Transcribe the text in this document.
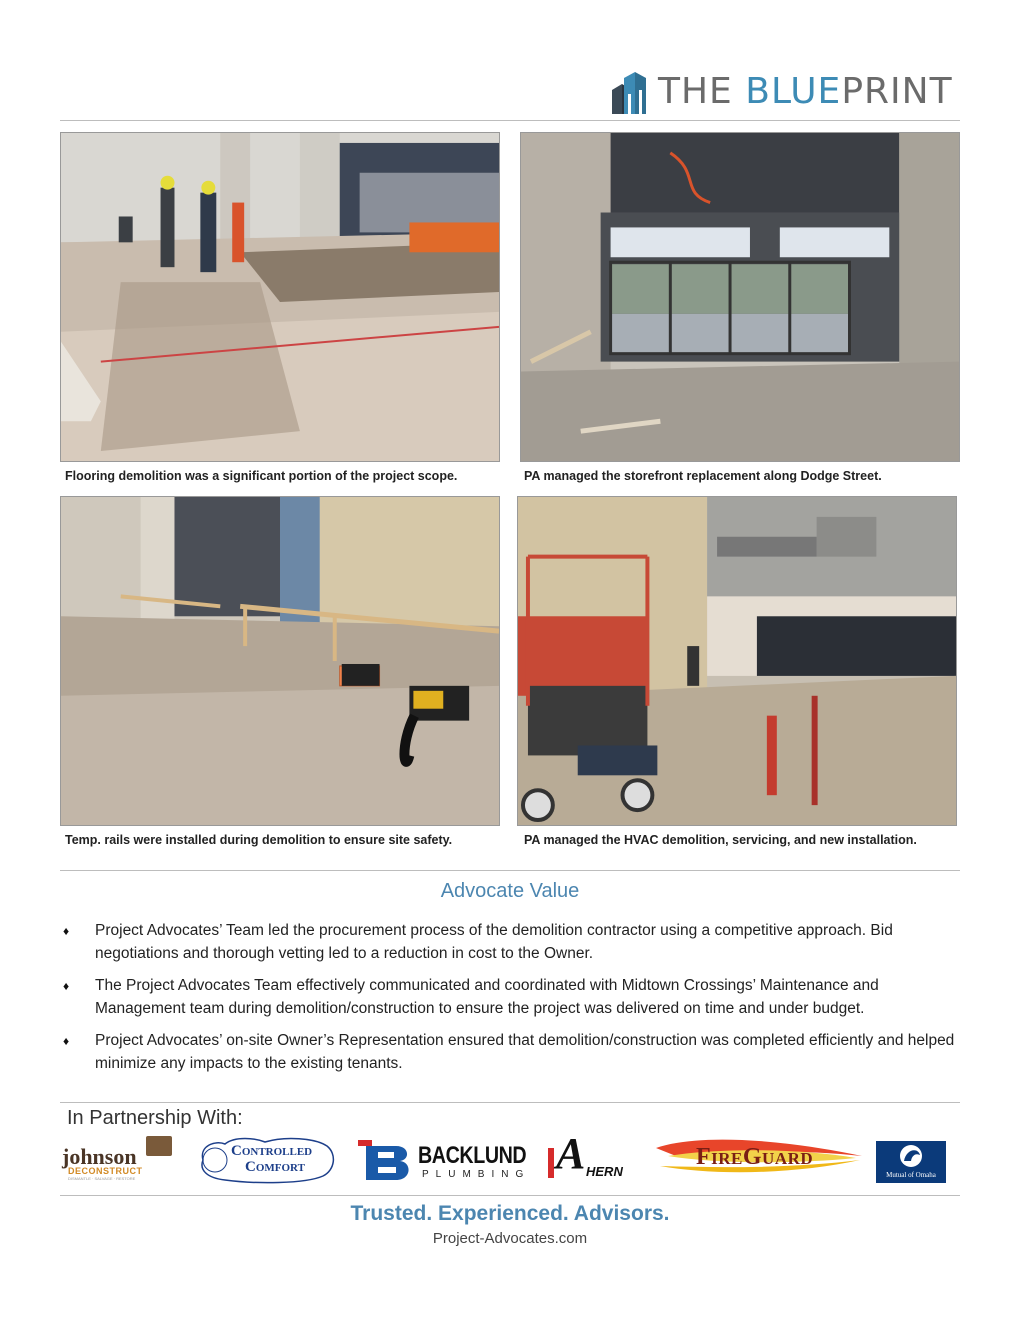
THE BLUEPRINT
Flooring demolition was a significant portion of the project scope.	PA managed the storefront replacement along Dodge Street.
Temp. rails were installed during demolition to ensure site safety.	PA managed the HVAC demolition, servicing, and new installation.
Advocate Value
♦ Project Advocates’ Team led the procurement process of the demolition contractor using a competitive approach. Bid negotiations and thorough vetting led to a reduction in cost to the Owner.
♦ The Project Advocates Team effectively communicated and coordinated with Midtown Crossings’ Maintenance and Management team during demolition/construction to ensure the project was delivered on time and under budget.
♦ Project Advocates’ on-site Owner’s Representation ensured that demolition/construction was completed efficiently and helped minimize any impacts to the existing tenants.
In Partnership With:
johnson
DECONSTRUCT
DISMANTLE · SALVAGE · RESTORE
Controlled
Comfort	BACKLUND
PLUMBING A HERN
FireGuard
Mutual of Omaha
Trusted. Experienced. Advisors.
Project-Advocates.com
